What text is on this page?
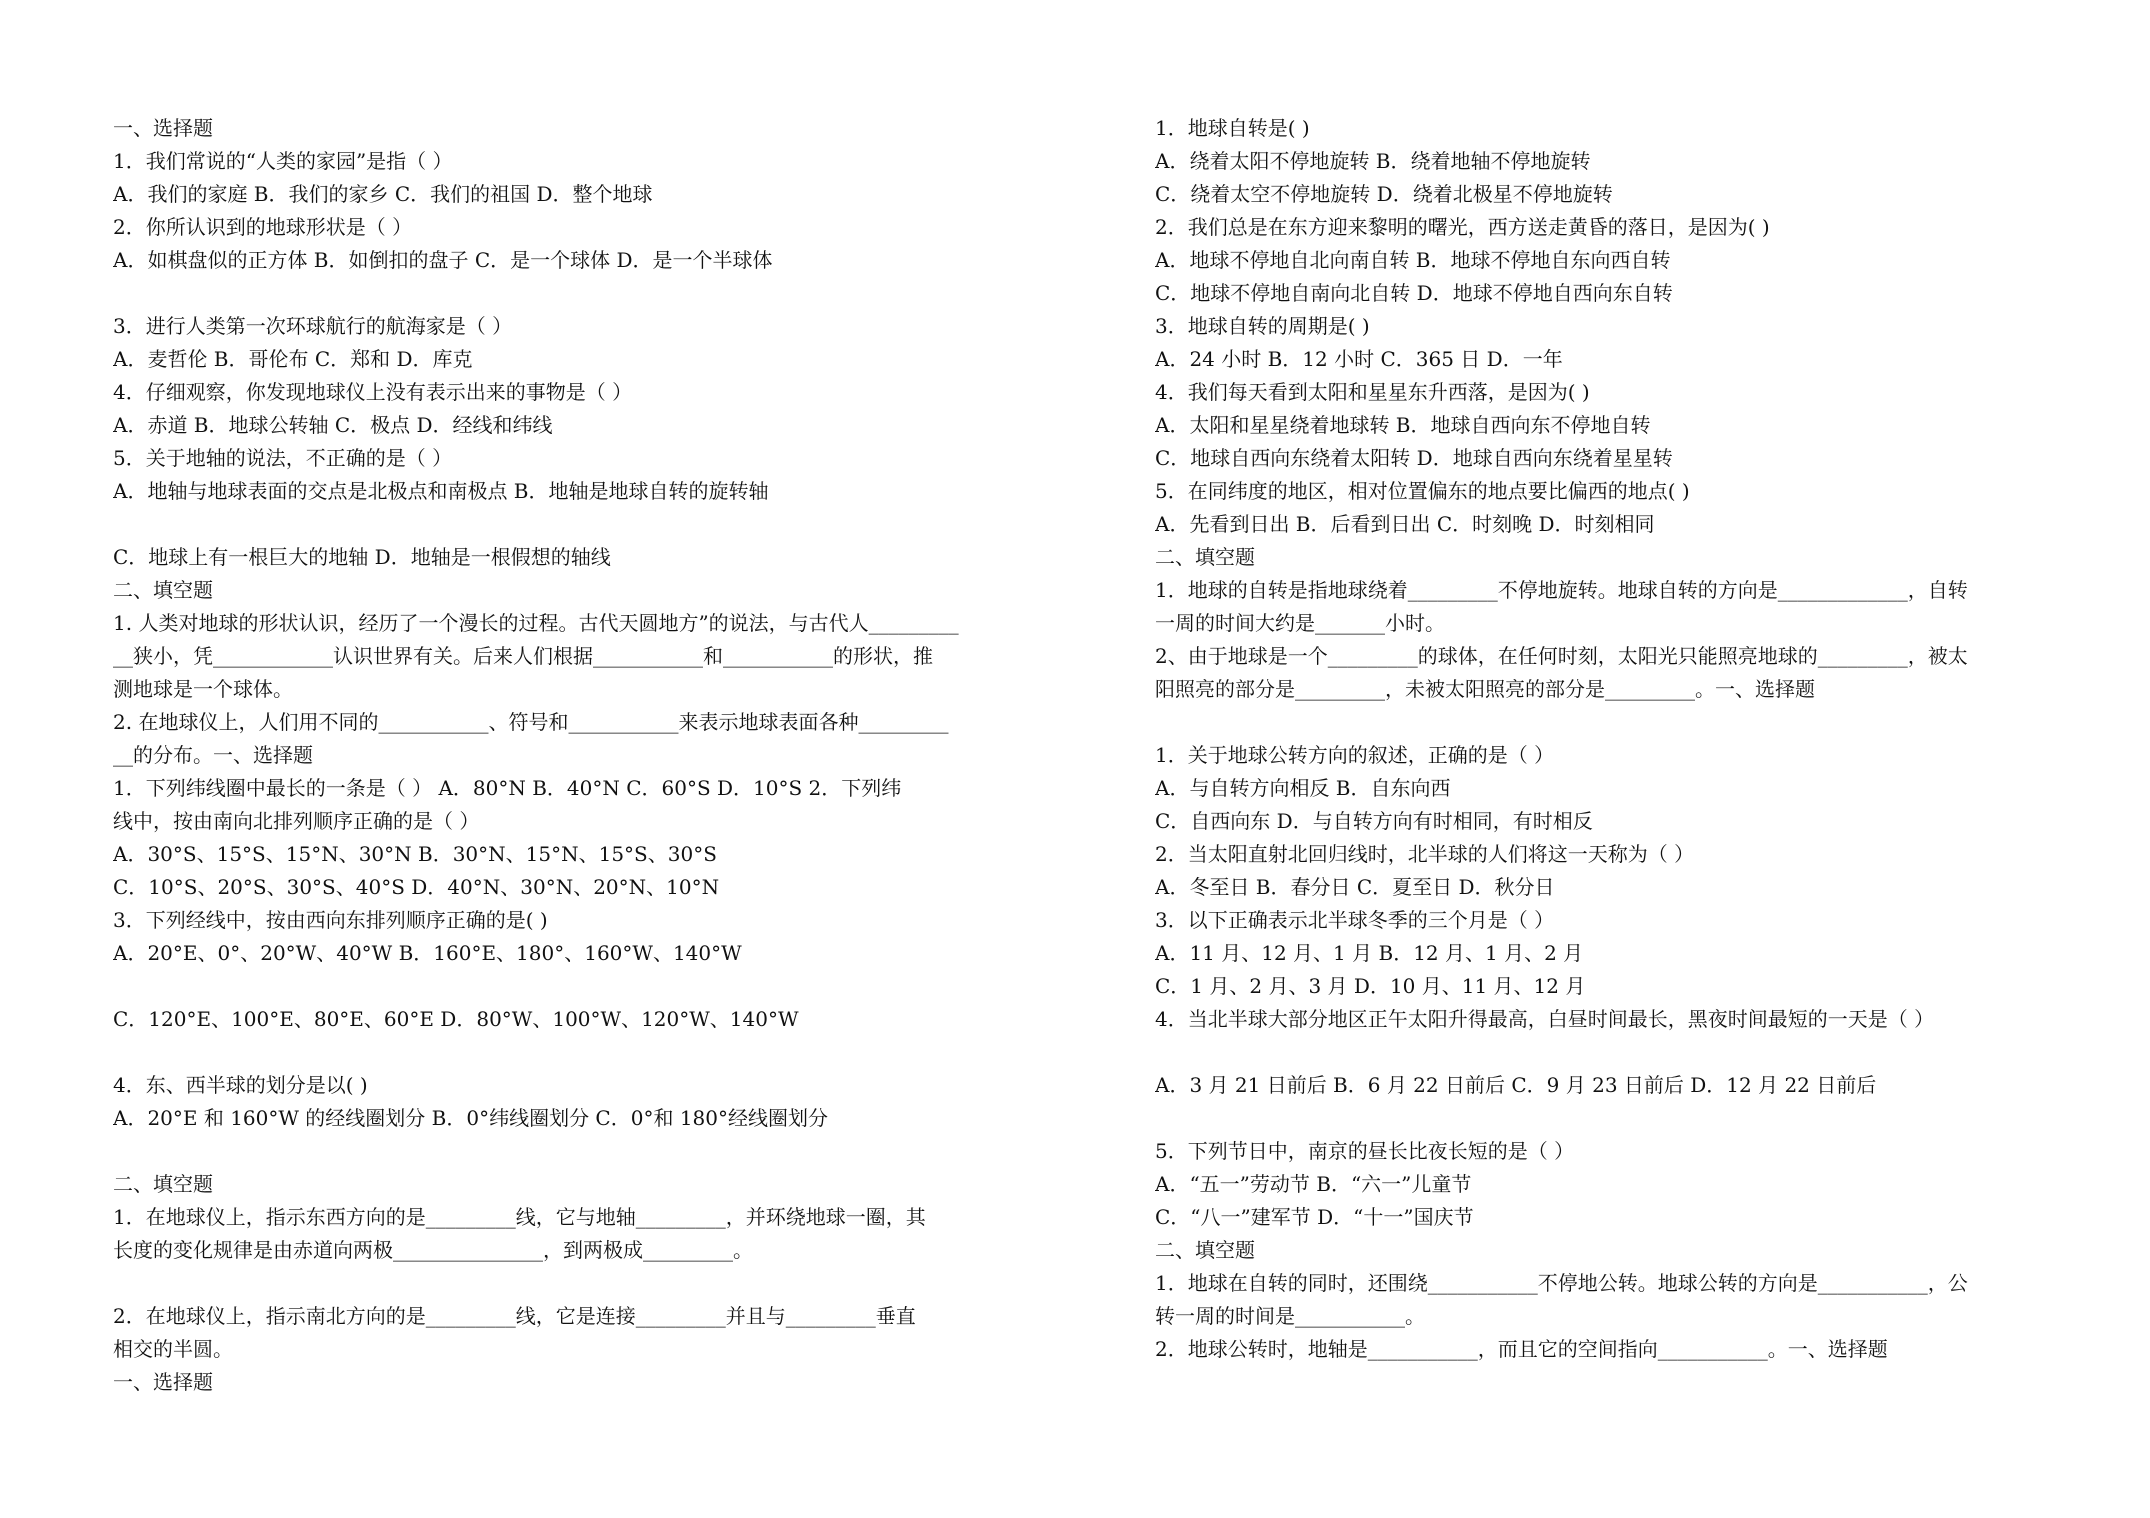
一、选择题
1．我们常说的“人类的家园”是指（ ）
A．我们的家庭 B．我们的家乡 C．我们的祖国 D．整个地球
2．你所认识到的地球形状是（ ）
A．如棋盘似的正方体 B．如倒扣的盘子 C．是一个球体 D．是一个半球体
3．进行人类第一次环球航行的航海家是（ ）
A．麦哲伦 B．哥伦布 C．郑和 D．库克
4．仔细观察，你发现地球仪上没有表示出来的事物是（ ）
A．赤道 B．地球公转轴 C．极点 D．经线和纬线
5．关于地轴的说法，不正确的是（ ）
A．地轴与地球表面的交点是北极点和南极点 B．地轴是地球自转的旋转轴
C．地球上有一根巨大的地轴 D．地轴是一根假想的轴线
二、填空题
1. 人类对地球的形状认识，经历了一个漫长的过程。古代天圆地方”的说法，与古代人_________
__狭小，凭____________认识世界有关。后来人们根据___________和___________的形状，推
测地球是一个球体。
2. 在地球仪上，人们用不同的___________、符号和___________来表示地球表面各种_________
__的分布。一、选择题
1．下列纬线圈中最长的一条是（ ） A．80°N B．40°N C．60°S D．10°S 2．下列纬
线中，按由南向北排列顺序正确的是（ ）
A．30°S、15°S、15°N、30°N B．30°N、15°N、15°S、30°S
C．10°S、20°S、30°S、40°S D．40°N、30°N、20°N、10°N
3．下列经线中，按由西向东排列顺序正确的是( )
A．20°E、0°、20°W、40°W B．160°E、180°、160°W、140°W
C．120°E、100°E、80°E、60°E D．80°W、100°W、120°W、140°W
4．东、西半球的划分是以( )
A．20°E 和 160°W 的经线圈划分 B．0°纬线圈划分 C．0°和 180°经线圈划分
二、填空题
1．在地球仪上，指示东西方向的是_________线，它与地轴_________，并环绕地球一圈，其
长度的变化规律是由赤道向两极_______________，到两极成_________。
2．在地球仪上，指示南北方向的是_________线，它是连接_________并且与_________垂直
相交的半圆。
一、选择题
1．地球自转是( )
A．绕着太阳不停地旋转 B．绕着地轴不停地旋转
C．绕着太空不停地旋转 D．绕着北极星不停地旋转
2．我们总是在东方迎来黎明的曙光，西方送走黄昏的落日，是因为( )
A．地球不停地自北向南自转 B．地球不停地自东向西自转
C．地球不停地自南向北自转 D．地球不停地自西向东自转
3．地球自转的周期是( )
A．24 小时 B．12 小时 C．365 日 D．一年
4．我们每天看到太阳和星星东升西落，是因为( )
A．太阳和星星绕着地球转 B．地球自西向东不停地自转
C．地球自西向东绕着太阳转 D．地球自西向东绕着星星转
5．在同纬度的地区，相对位置偏东的地点要比偏西的地点( )
A．先看到日出 B．后看到日出 C．时刻晚 D．时刻相同
二、填空题
1．地球的自转是指地球绕着_________不停地旋转。地球自转的方向是_____________，自转
一周的时间大约是_______小时。
2、由于地球是一个_________的球体，在任何时刻，太阳光只能照亮地球的_________，被太
阳照亮的部分是_________，未被太阳照亮的部分是_________。一、选择题
1．关于地球公转方向的叙述，正确的是（ ）
A．与自转方向相反 B．自东向西
C．自西向东 D．与自转方向有时相同，有时相反
2．当太阳直射北回归线时，北半球的人们将这一天称为（ ）
A．冬至日 B．春分日 C．夏至日 D．秋分日
3．以下正确表示北半球冬季的三个月是（ ）
A．11 月、12 月、1 月 B．12 月、1 月、2 月
C．1 月、2 月、3 月 D．10 月、11 月、12 月
4．当北半球大部分地区正午太阳升得最高，白昼时间最长，黑夜时间最短的一天是（ ）
A．3 月 21 日前后 B．6 月 22 日前后 C．9 月 23 日前后 D．12 月 22 日前后
5．下列节日中，南京的昼长比夜长短的是（ ）
A．“五一”劳动节 B．“六一”儿童节
C．“八一”建军节 D．“十一”国庆节
二、填空题
1．地球在自转的同时，还围绕___________不停地公转。地球公转的方向是___________，公
转一周的时间是___________。
2．地球公转时，地轴是___________，而且它的空间指向___________。一、选择题
